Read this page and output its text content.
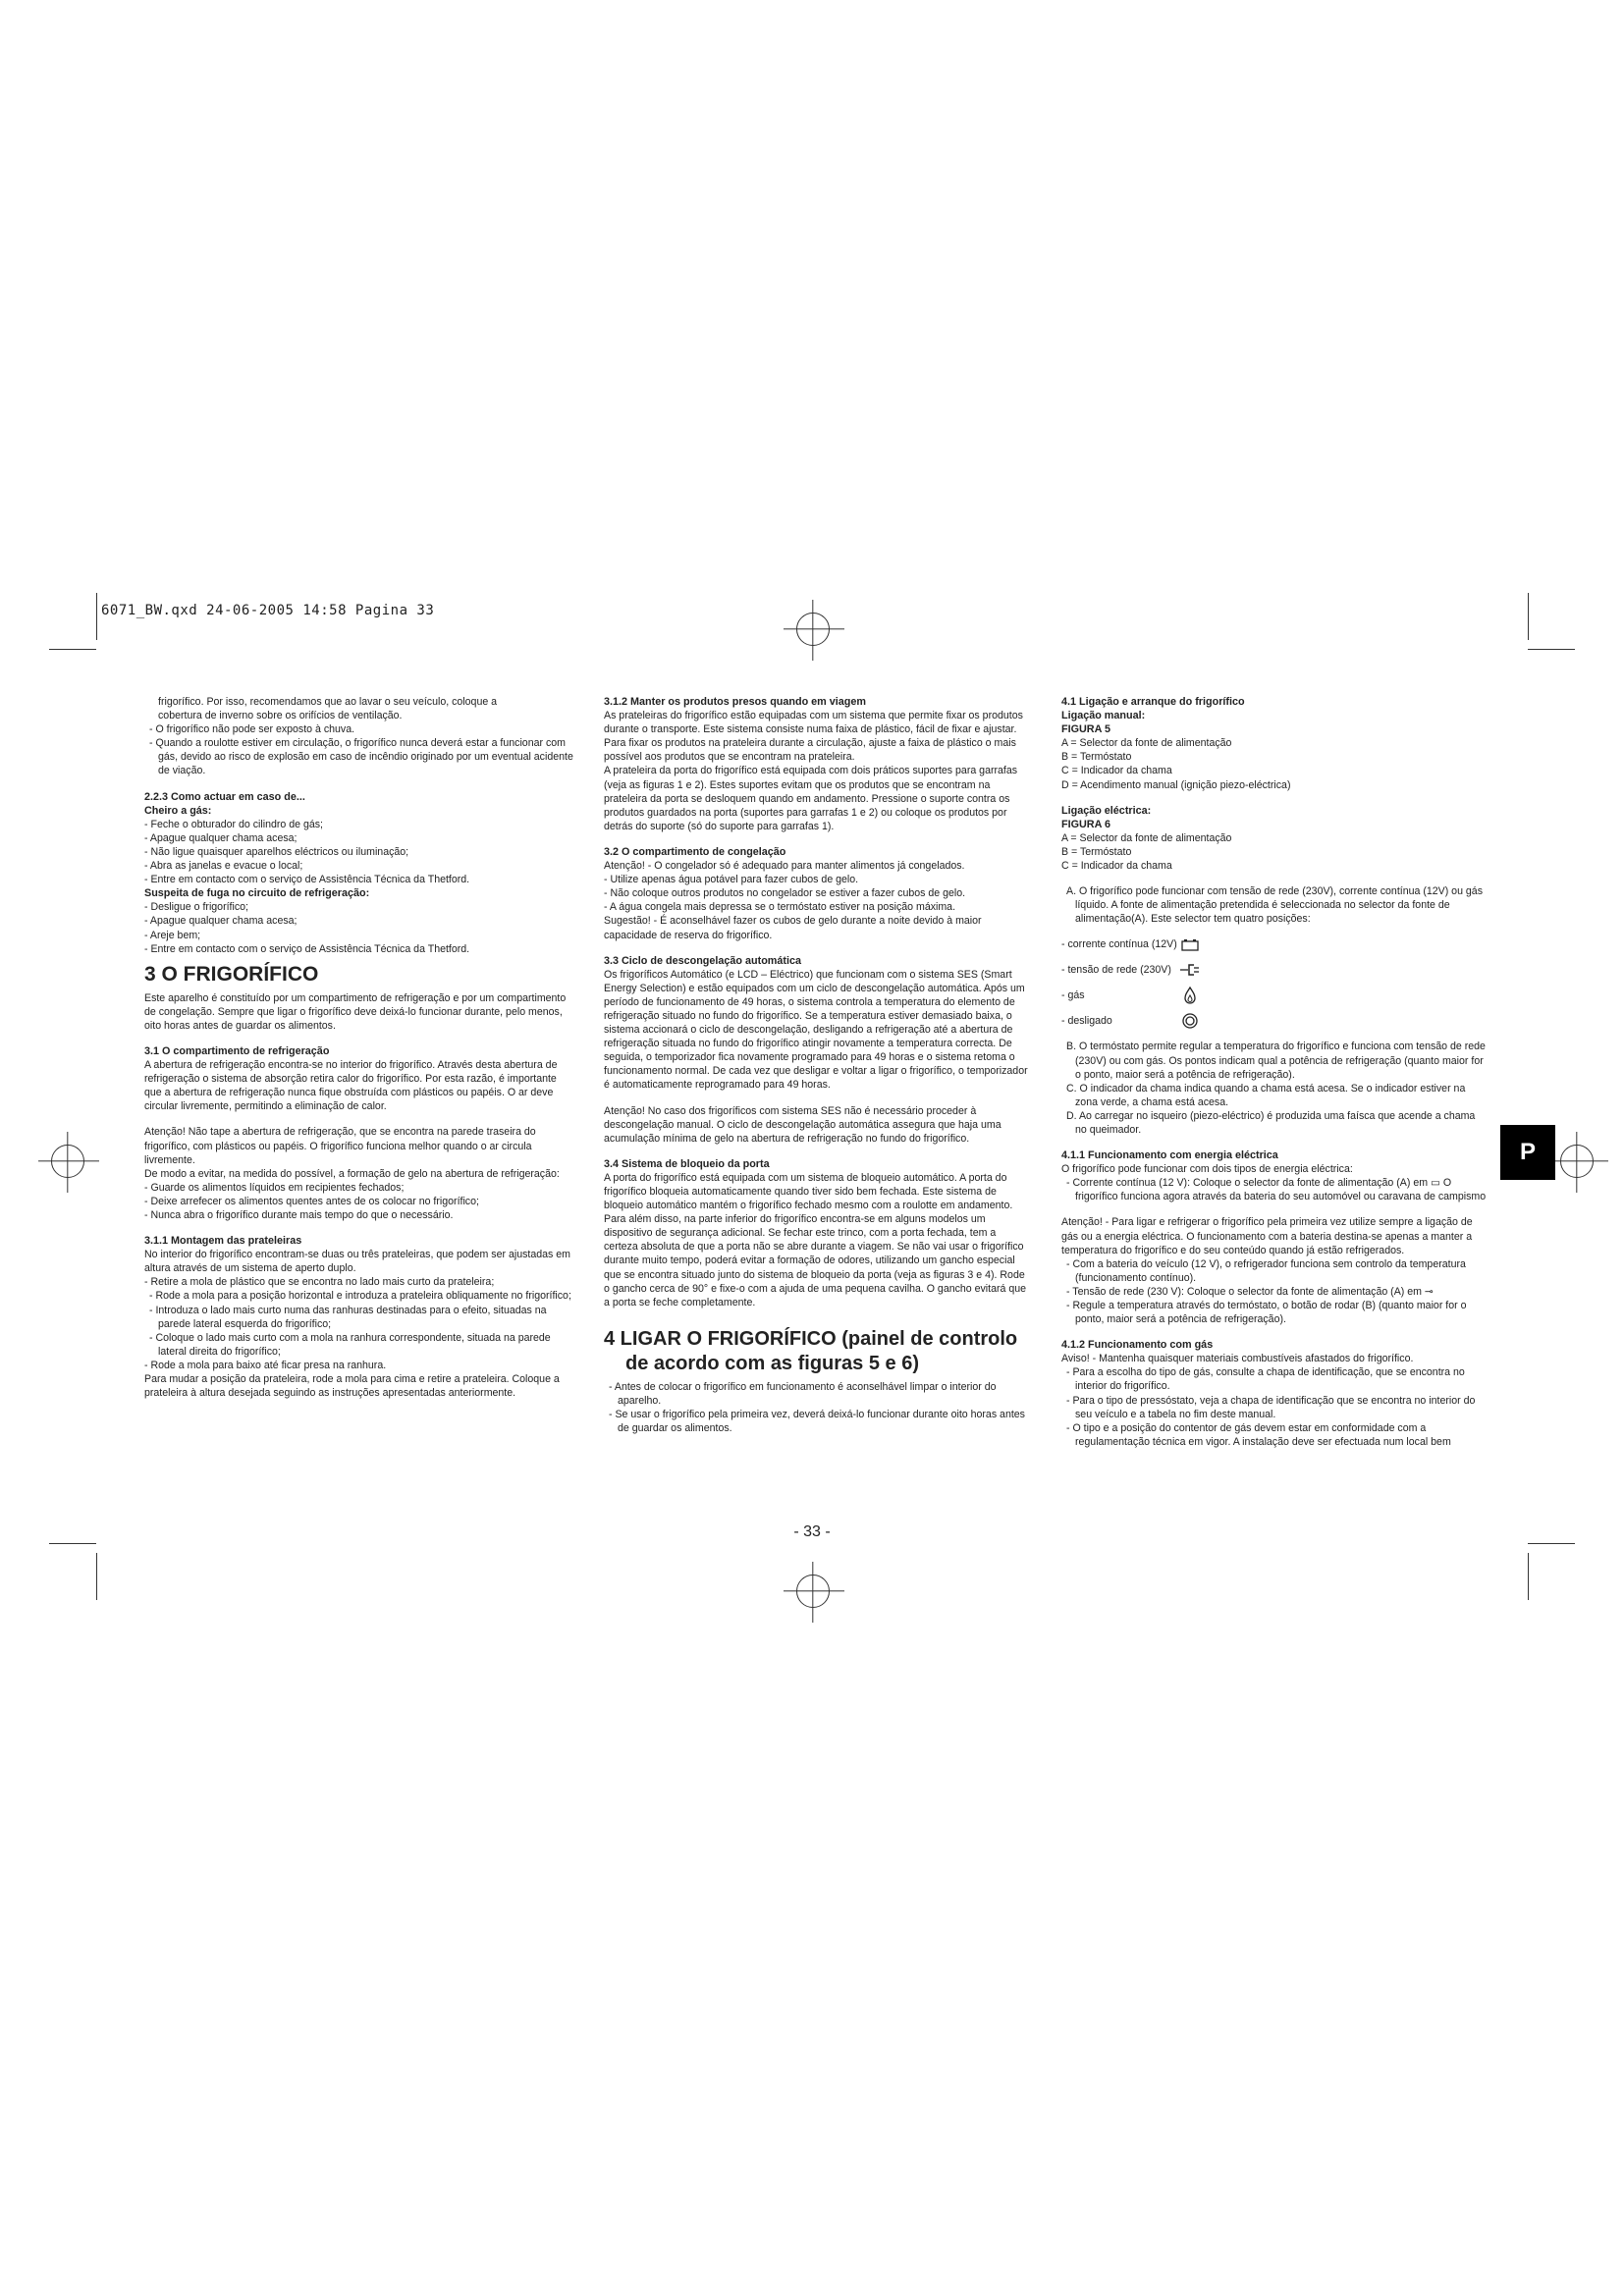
6071_BW.qxd 24-06-2005 14:58 Pagina 33

frigorífico. Por isso, recomendamos que ao lavar o seu veículo, coloque a

cobertura de inverno sobre os orifícios de ventilação.

- O frigorífico não pode ser exposto à chuva.

- Quando a roulotte estiver em circulação, o frigorífico nunca deverá estar a funcionar com gás, devido ao risco de explosão em caso de incêndio originado por um eventual acidente de viação.

2.2.3 Como actuar em caso de...

Cheiro a gás:

- Feche o obturador do cilindro de gás;

- Apague qualquer chama acesa;

- Não ligue quaisquer aparelhos eléctricos ou iluminação;

- Abra as janelas e evacue o local;

- Entre em contacto com o serviço de Assistência Técnica da Thetford.

Suspeita de fuga no circuito de refrigeração:

- Desligue o frigorífico;

- Apague qualquer chama acesa;

- Areje bem;

- Entre em contacto com o serviço de Assistência Técnica da Thetford.

3 O FRIGORÍFICO

Este aparelho é constituído por um compartimento de refrigeração e por um compartimento de congelação. Sempre que ligar o frigorífico deve deixá-lo funcionar durante, pelo menos, oito horas antes de guardar os alimentos.

3.1 O compartimento de refrigeração

A abertura de refrigeração encontra-se no interior do frigorífico. Através desta abertura de refrigeração o sistema de absorção retira calor do frigorífico. Por esta razão, é importante que a abertura de refrigeração nunca fique obstruída com plásticos ou papéis. O ar deve circular livremente, permitindo a eliminação de calor.

Atenção! Não tape a abertura de refrigeração, que se encontra na parede traseira do frigorífico, com plásticos ou papéis. O frigorífico funciona melhor quando o ar circula livremente.

De modo a evitar, na medida do possível, a formação de gelo na abertura de refrigeração:

- Guarde os alimentos líquidos em recipientes fechados;

- Deixe arrefecer os alimentos quentes antes de os colocar no frigorífico;

- Nunca abra o frigorífico durante mais tempo do que o necessário.

3.1.1 Montagem das prateleiras

No interior do frigorífico encontram-se duas ou três prateleiras, que podem ser ajustadas em altura através de um sistema de aperto duplo.

- Retire a mola de plástico que se encontra no lado mais curto da prateleira;

- Rode a mola para a posição horizontal e introduza a prateleira obliquamente no frigorífico;

- Introduza o lado mais curto numa das ranhuras destinadas para o efeito, situadas na parede lateral esquerda do frigorífico;

- Coloque o lado mais curto com a mola na ranhura correspondente, situada na parede lateral direita do frigorífico;

- Rode a mola para baixo até ficar presa na ranhura.

Para mudar a posição da prateleira, rode a mola para cima e retire a prateleira. Coloque a prateleira à altura desejada seguindo as instruções apresentadas anteriormente.

3.1.2 Manter os produtos presos quando em viagem

As prateleiras do frigorífico estão equipadas com um sistema que permite fixar os produtos durante o transporte. Este sistema consiste numa faixa de plástico, fácil de fixar e ajustar. Para fixar os produtos na prateleira durante a circulação, ajuste a faixa de plástico o mais possível aos produtos que se encontram na prateleira.

A prateleira da porta do frigorífico está equipada com dois práticos suportes para garrafas (veja as figuras 1 e 2). Estes suportes evitam que os produtos que se encontram na prateleira da porta se desloquem quando em andamento. Pressione o suporte contra os produtos guardados na porta (suportes para garrafas 1 e 2) ou coloque os produtos por detrás do suporte (só do suporte para garrafas 1).

3.2 O compartimento de congelação

Atenção! - O congelador só é adequado para manter alimentos já congelados.

- Utilize apenas água potável para fazer cubos de gelo.

- Não coloque outros produtos no congelador se estiver a fazer cubos de gelo.

- A água congela mais depressa se o termóstato estiver na posição máxima.

Sugestão! - É aconselhável fazer os cubos de gelo durante a noite devido à maior capacidade de reserva do frigorífico.

3.3 Ciclo de descongelação automática

Os frigoríficos Automático (e LCD – Eléctrico) que funcionam com o sistema SES (Smart Energy Selection) e estão equipados com um ciclo de descongelação automática. Após um período de funcionamento de 49 horas, o sistema controla a temperatura do elemento de refrigeração situado no fundo do frigorífico. Se a temperatura estiver demasiado baixa, o sistema accionará o ciclo de descongelação, desligando a refrigeração até a abertura de refrigeração situada no fundo do frigorífico atingir novamente a temperatura correcta. De seguida, o temporizador fica novamente programado para 49 horas e o sistema retoma o funcionamento normal. De cada vez que desligar e voltar a ligar o frigorífico, o temporizador é automaticamente reprogramado para 49 horas.

Atenção! No caso dos frigoríficos com sistema SES não é necessário proceder à descongelação manual. O ciclo de descongelação automática assegura que haja uma acumulação mínima de gelo na abertura de refrigeração no fundo do frigorífico.

3.4 Sistema de bloqueio da porta

A porta do frigorífico está equipada com um sistema de bloqueio automático. A porta do frigorífico bloqueia automaticamente quando tiver sido bem fechada. Este sistema de bloqueio automático mantém o frigorífico fechado mesmo com a roulotte em andamento. Para além disso, na parte inferior do frigorífico encontra-se em alguns modelos um dispositivo de segurança adicional. Se fechar este trinco, com a porta fechada, tem a certeza absoluta de que a porta não se abre durante a viagem. Se não vai usar o frigorífico durante muito tempo, poderá evitar a formação de odores, utilizando um gancho especial que se encontra situado junto do sistema de bloqueio da porta (veja as figuras 3 e 4). Rode o gancho cerca de 90° e fixe-o com a ajuda de uma pequena cavilha. O gancho evitará que a porta se feche completamente.

4 LIGAR O FRIGORÍFICO (painel de controlo de acordo com as figuras 5 e 6)

- Antes de colocar o frigorífico em funcionamento é aconselhável limpar o interior do aparelho.

- Se usar o frigorífico pela primeira vez, deverá deixá-lo funcionar durante oito horas antes de guardar os alimentos.

4.1 Ligação e arranque do frigorífico

Ligação manual:

FIGURA 5

A = Selector da fonte de alimentação

B = Termóstato

C = Indicador da chama

D = Acendimento manual (ignição piezo-eléctrica)

Ligação eléctrica:

FIGURA 6

A = Selector da fonte de alimentação

B = Termóstato

C = Indicador da chama

A. O frigorífico pode funcionar com tensão de rede (230V), corrente contínua (12V) ou gás líquido. A fonte de alimentação pretendida é seleccionada no selector da fonte de alimentação(A). Este selector tem quatro posições:

- corrente contínua (12V)
- tensão de rede (230V)
- gás
- desligado

B. O termóstato permite regular a temperatura do frigorífico e funciona com tensão de rede (230V) ou com gás. Os pontos indicam qual a potência de refrigeração (quanto maior for o ponto, maior será a potência de refrigeração).

C. O indicador da chama indica quando a chama está acesa. Se o indicador estiver na zona verde, a chama está acesa.

D. Ao carregar no isqueiro (piezo-eléctrico) é produzida uma faísca que acende a chama no queimador.

4.1.1 Funcionamento com energia eléctrica

O frigorífico pode funcionar com dois tipos de energia eléctrica:

- Corrente contínua (12 V): Coloque o selector da fonte de alimentação (A) em ▭ O frigorífico funciona agora através da bateria do seu automóvel ou caravana de campismo

Atenção! - Para ligar e refrigerar o frigorífico pela primeira vez utilize sempre a ligação de gás ou a energia eléctrica. O funcionamento com a bateria destina-se apenas a manter a temperatura do frigorífico e do seu conteúdo quando já estão refrigerados.

- Com a bateria do veículo (12 V), o refrigerador funciona sem controlo da temperatura (funcionamento contínuo).

- Tensão de rede (230 V): Coloque o selector da fonte de alimentação (A) em ⊸

- Regule a temperatura através do termóstato, o botão de rodar (B) (quanto maior for o ponto, maior será a potência de refrigeração).

4.1.2 Funcionamento com gás

Aviso! - Mantenha quaisquer materiais combustíveis afastados do frigorífico.

- Para a escolha do tipo de gás, consulte a chapa de identificação, que se encontra no interior do frigorífico.

- Para o tipo de pressóstato, veja a chapa de identificação que se encontra no interior do seu veículo e a tabela no fim deste manual.

- O tipo e a posição do contentor de gás devem estar em conformidade com a regulamentação técnica em vigor. A instalação deve ser efectuada num local bem

P
- 33 -
